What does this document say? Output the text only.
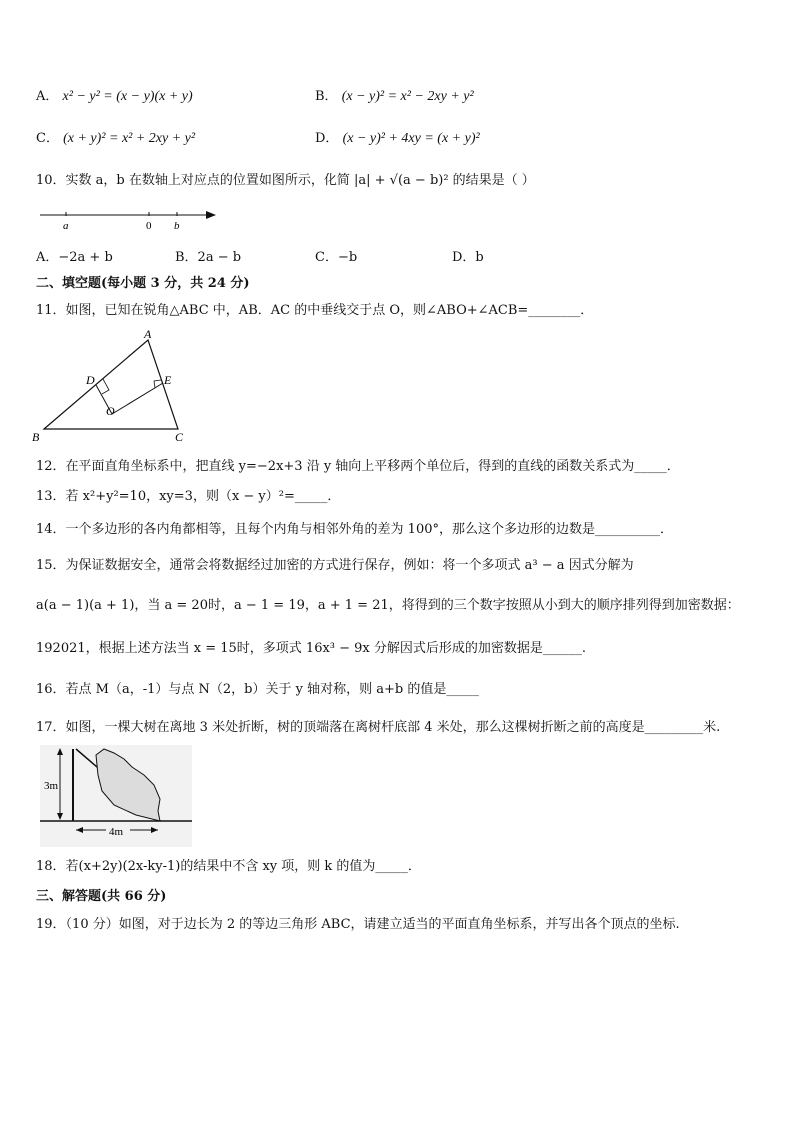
A． x² − y² = (x − y)(x + y)	B． (x − y)² = x² − 2xy + y²
C． (x + y)² = x² + 2xy + y²	D． (x − y)² + 4xy = (x + y)²
10．实数 a，b 在数轴上对应点的位置如图所示，化简 |a| + √(a − b)² 的结果是（ ）
a	0 b
A．−2a + b	B．2a − b	C．−b	D．b
二、填空题(每小题 3 分，共 24 分)
11．如图，已知在锐角△ABC 中，AB．AC 的中垂线交于点 O，则∠ABO+∠ACB=________．
A
B	C
D	E
O
12．在平面直角坐标系中，把直线 y=−2x+3 沿 y 轴向上平移两个单位后，得到的直线的函数关系式为_____．
13．若 x²+y²=10，xy=3，则（x − y）²=_____．
14．一个多边形的各内角都相等，且每个内角与相邻外角的差为 100°，那么这个多边形的边数是__________．
15．为保证数据安全，通常会将数据经过加密的方式进行保存，例如：将一个多项式 a³ − a 因式分解为
a(a − 1)(a + 1)，当 a = 20时，a − 1 = 19，a + 1 = 21，将得到的三个数字按照从小到大的顺序排列得到加密数据：
192021，根据上述方法当 x = 15时，多项式 16x³ − 9x 分解因式后形成的加密数据是______.
16．若点 M（a，-1）与点 N（2，b）关于 y 轴对称，则 a+b 的值是_____
17．如图，一棵大树在离地 3 米处折断，树的顶端落在离树杆底部 4 米处，那么这棵树折断之前的高度是_________米.
3m
4m
18．若(x+2y)(2x-ky-1)的结果中不含 xy 项，则 k 的值为_____．
三、解答题(共 66 分)
19．（10 分）如图，对于边长为 2 的等边三角形 ABC，请建立适当的平面直角坐标系，并写出各个顶点的坐标.
